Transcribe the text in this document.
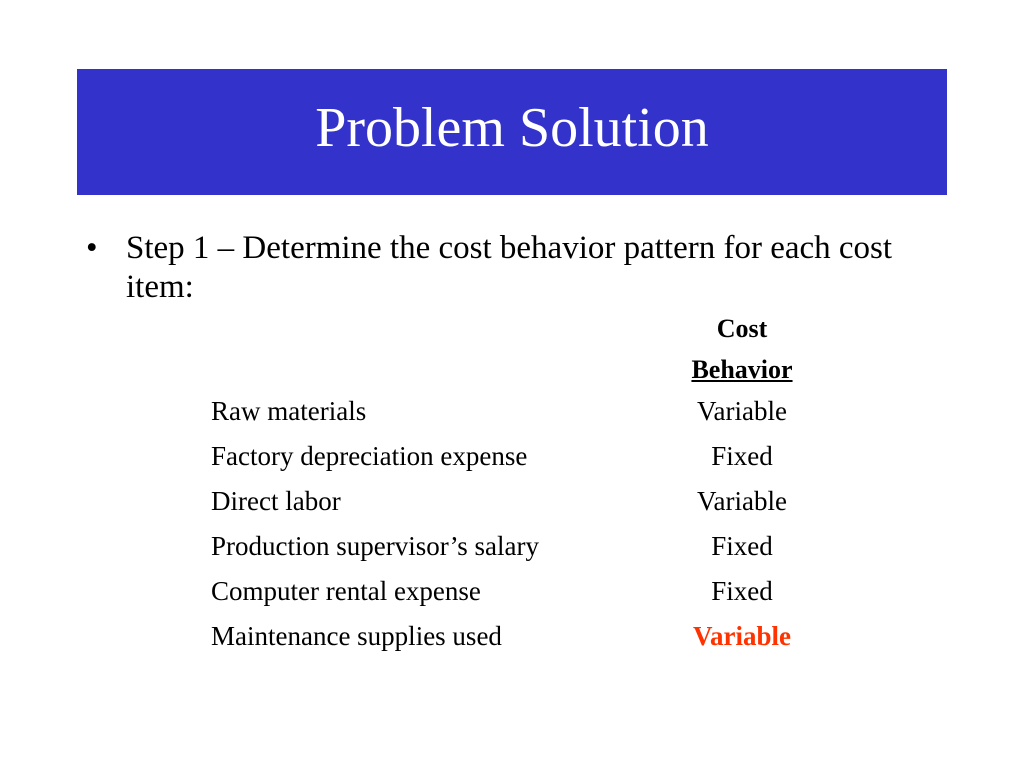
Problem Solution
• Step 1 – Determine the cost behavior pattern for each cost item:
Cost
Behavior
Raw materials	Variable
Factory depreciation expense	Fixed
Direct labor	Variable
Production supervisor’s salary	Fixed
Computer rental expense	Fixed
Maintenance supplies used	Variable
